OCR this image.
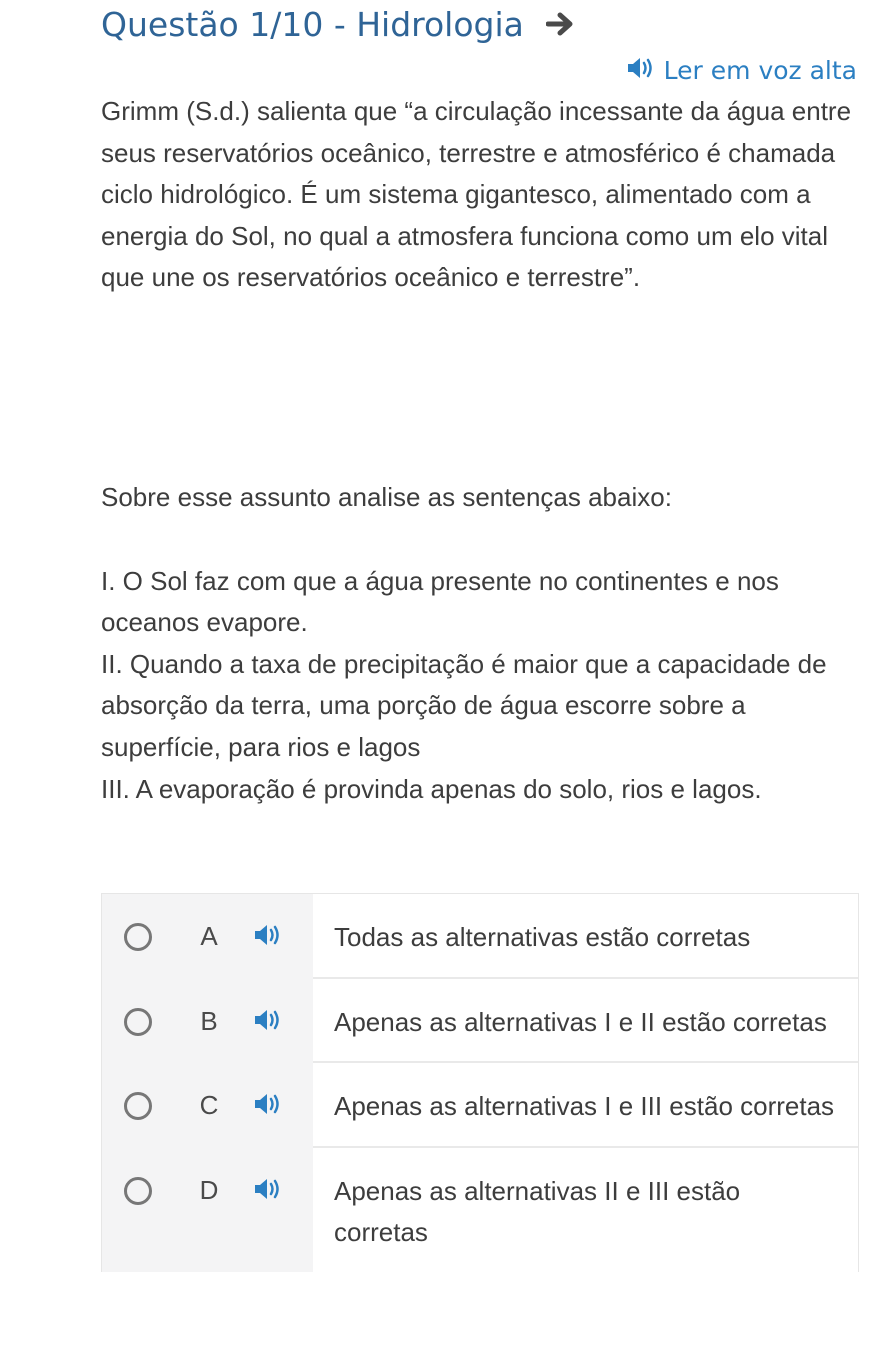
Questão 1/10 - Hidrologia
Ler em voz alta

Grimm (S.d.) salienta que “a circulação incessante da água entre seus reservatórios oceânico, terrestre e atmosférico é chamada ciclo hidrológico. É um sistema gigantesco, alimentado com a energia do Sol, no qual a atmosfera funciona como um elo vital que une os reservatórios oceânico e terrestre”.

Sobre esse assunto analise as sentenças abaixo:

I. O Sol faz com que a água presente no continentes e nos oceanos evapore.

II. Quando a taxa de precipitação é maior que a capacidade de absorção da terra, uma porção de água escorre sobre a superfície, para rios e lagos

III. A evaporação é provinda apenas do solo, rios e lagos.

A	Todas as alternativas estão corretas
B	Apenas as alternativas I e II estão corretas
C	Apenas as alternativas I e III estão corretas
D	Apenas as alternativas II e III estão corretas
